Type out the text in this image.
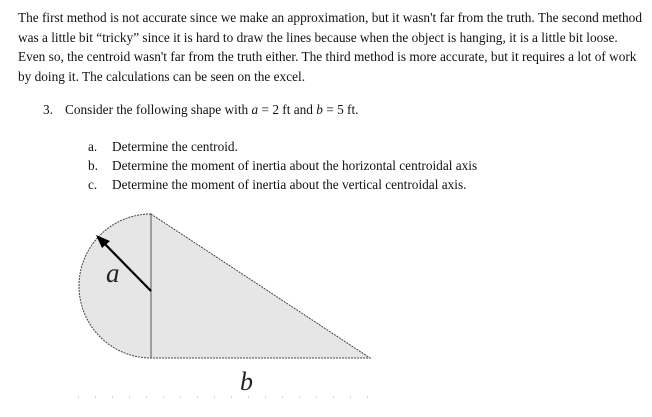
The first method is not accurate since we make an approximation, but it wasn't far from the truth. The second method was a little bit “tricky” since it is hard to draw the lines because when the object is hanging, it is a little bit loose. Even so, the centroid wasn't far from the truth either. The third method is more accurate, but it requires a lot of work by doing it. The calculations can be seen on the excel.

3. Consider the following shape with a = 2 ft and b = 5 ft.
a. Determine the centroid.
b. Determine the moment of inertia about the horizontal centroidal axis
c. Determine the moment of inertia about the vertical centroidal axis.
a
b
